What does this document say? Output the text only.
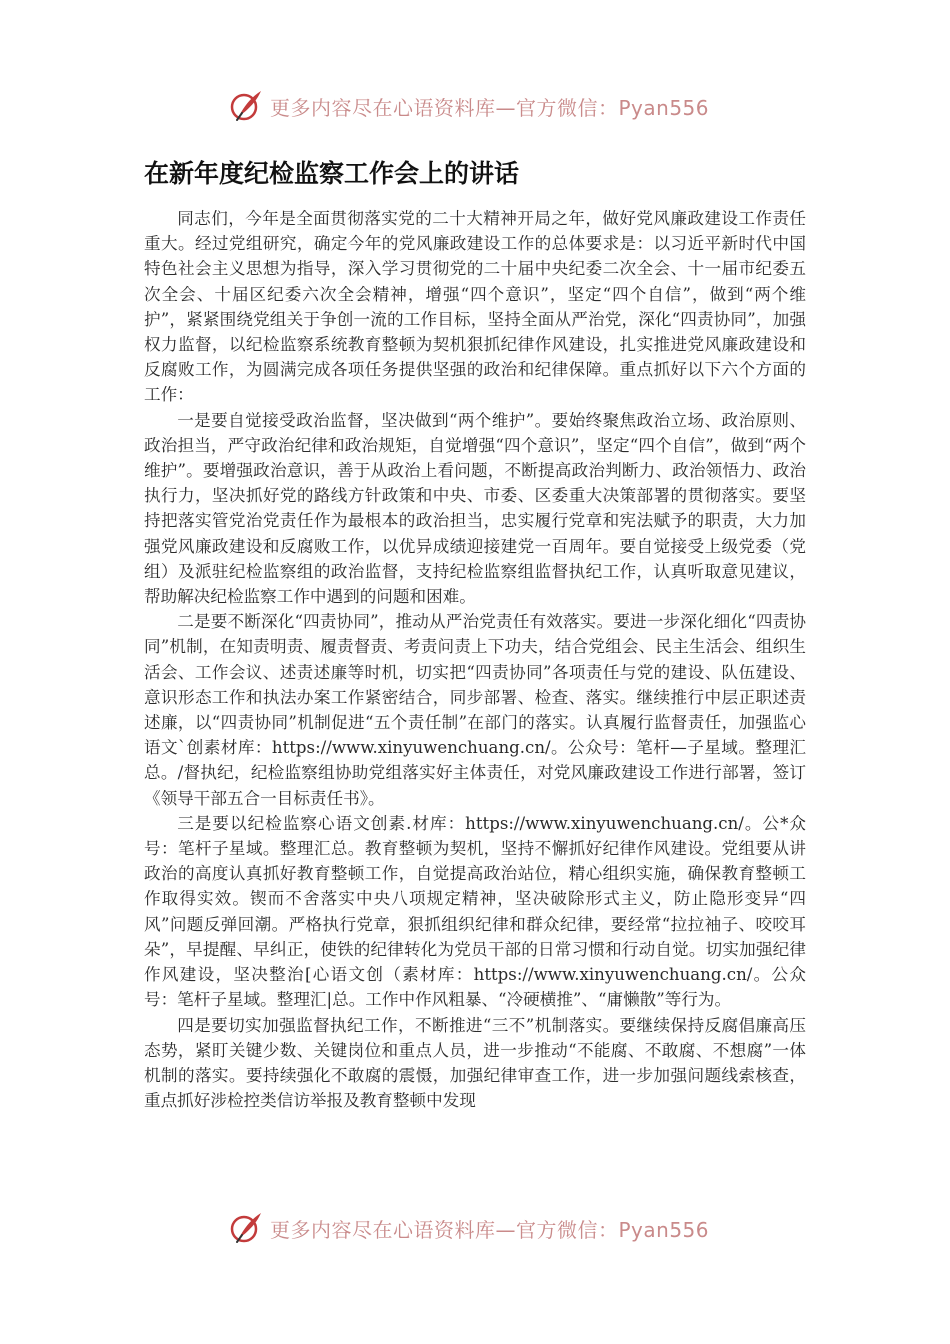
更多内容尽在心语资料库—官方微信：Pyan556
在新年度纪检监察工作会上的讲话

同志们，今年是全面贯彻落实党的二十大精神开局之年，做好党风廉政建设工作责任重大。经过党组研究，确定今年的党风廉政建设工作的总体要求是：以习近平新时代中国特色社会主义思想为指导，深入学习贯彻党的二十届中央纪委二次全会、十一届市纪委五次全会、十届区纪委六次全会精神，增强“四个意识”，坚定“四个自信”，做到“两个维护”，紧紧围绕党组关于争创一流的工作目标，坚持全面从严治党，深化“四责协同”，加强权力监督，以纪检监察系统教育整顿为契机狠抓纪律作风建设，扎实推进党风廉政建设和反腐败工作，为圆满完成各项任务提供坚强的政治和纪律保障。重点抓好以下六个方面的工作：

一是要自觉接受政治监督，坚决做到“两个维护”。要始终聚焦政治立场、政治原则、政治担当，严守政治纪律和政治规矩，自觉增强“四个意识”，坚定“四个自信”，做到“两个维护”。要增强政治意识，善于从政治上看问题，不断提高政治判断力、政治领悟力、政治执行力，坚决抓好党的路线方针政策和中央、市委、区委重大决策部署的贯彻落实。要坚持把落实管党治党责任作为最根本的政治担当，忠实履行党章和宪法赋予的职责，大力加强党风廉政建设和反腐败工作，以优异成绩迎接建党一百周年。要自觉接受上级党委（党组）及派驻纪检监察组的政治监督，支持纪检监察组监督执纪工作，认真听取意见建议，帮助解决纪检监察工作中遇到的问题和困难。

二是要不断深化“四责协同”，推动从严治党责任有效落实。要进一步深化细化“四责协同”机制，在知责明责、履责督责、考责问责上下功夫，结合党组会、民主生活会、组织生活会、工作会议、述责述廉等时机，切实把“四责协同”各项责任与党的建设、队伍建设、意识形态工作和执法办案工作紧密结合，同步部署、检查、落实。继续推行中层正职述责述廉，以“四责协同”机制促进“五个责任制”在部门的落实。认真履行监督责任，加强监心语文`创素材库：https://www.xinyuwenchuang.cn/。公众号：笔杆—子星域。整理汇总。/督执纪，纪检监察组协助党组落实好主体责任，对党风廉政建设工作进行部署，签订《领导干部五合一目标责任书》。

三是要以纪检监察心语文创素.材库：https://www.xinyuwenchuang.cn/。公*众号：笔杆子星域。整理汇总。教育整顿为契机，坚持不懈抓好纪律作风建设。党组要从讲政治的高度认真抓好教育整顿工作，自觉提高政治站位，精心组织实施，确保教育整顿工作取得实效。锲而不舍落实中央八项规定精神，坚决破除形式主义，防止隐形变异“四风”问题反弹回潮。严格执行党章，狠抓组织纪律和群众纪律，要经常“拉拉袖子、咬咬耳朵”，早提醒、早纠正，使铁的纪律转化为党员干部的日常习惯和行动自觉。切实加强纪律作风建设，坚决整治[心语文创（素材库：https://www.xinyuwenchuang.cn/。公众号：笔杆子星域。整理汇|总。工作中作风粗暴、“冷硬横推”、“庸懒散”等行为。

四是要切实加强监督执纪工作，不断推进“三不”机制落实。要继续保持反腐倡廉高压态势，紧盯关键少数、关键岗位和重点人员，进一步推动“不能腐、不敢腐、不想腐”一体机制的落实。要持续强化不敢腐的震慑，加强纪律审查工作，进一步加强问题线索核查，重点抓好涉检控类信访举报及教育整顿中发现

更多内容尽在心语资料库—官方微信：Pyan556
